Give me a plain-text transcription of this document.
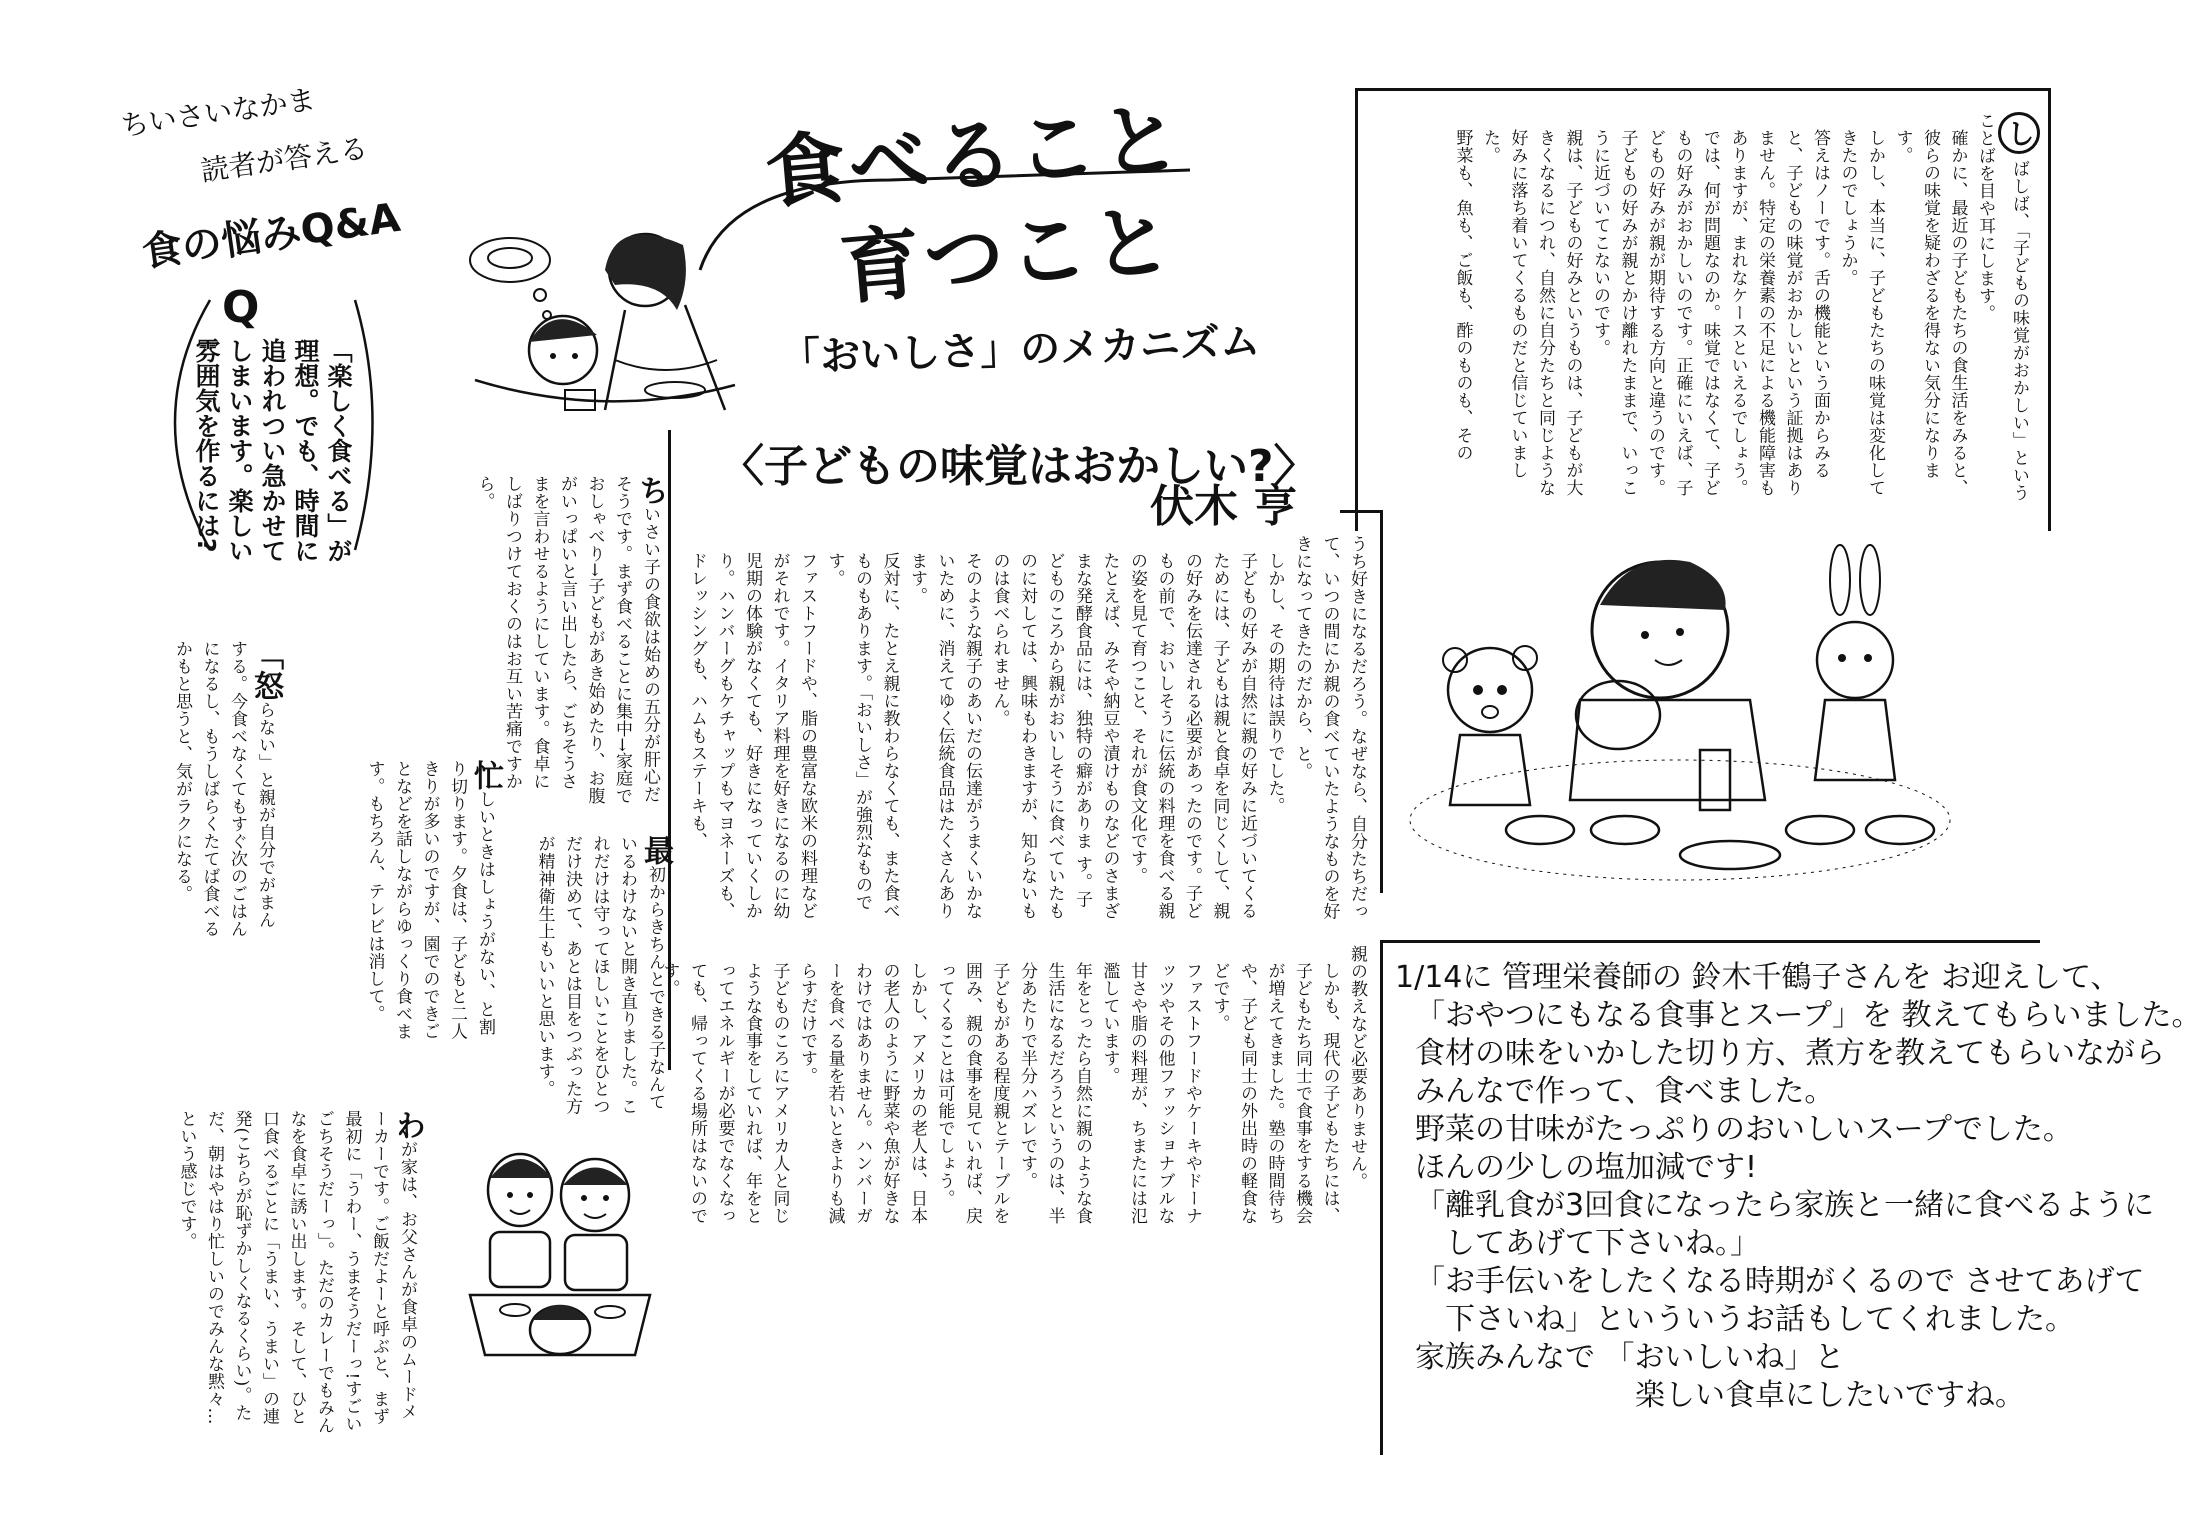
ちいさいなかま
読者が答える
食の悩みQ&A
Q
「楽しく食べる」が理想。でも、時間に追われつい急かせてしまいます。楽しい雰囲気を作るには?	ちいさい子の食欲は始めの五分が肝心だそうです。まず食べることに集中→家庭でおしゃべり→子どもがあき始めたり、お腹がいっぱいと言い出したら、ごちそうさまを言わせるようにしています。食卓にしばりつけておくのはお互い苦痛ですから。

最初からきちんとできる子なんているわけないと開き直りました。これだけは守ってほしいことをひとつだけ決めて、あとは目をつぶった方が精神衛生上もいいと思います。

忙しいときはしょうがない、と割り切ります。夕食は、子どもと二人きりが多いのですが、園でのできごとなどを話しながらゆっくり食べます。もちろん、テレビは消して。

「怒らない」と親が自分でがまんする。今食べなくてもすぐ次のごはんになるし、もうしばらくたてば食べるかもと思うと、気がラクになる。

わが家は、お父さんが食卓のムードメーカーです。ご飯だよーと呼ぶと、まず最初に「うわー、うまそうだーっ!すごいごちそうだーっ」。ただのカレーでもみんなを食卓に誘い出します。そして、ひと口食べるごとに「うまい、うまい」の連発(こちらが恥ずかしくなるくらい)。ただ、朝はやはり忙しいのでみんな黙々…という感じです。

食べること
育つこと
「おいしさ」のメカニズム

しばしば、「子どもの味覚がおかしい」ということばを目や耳にします。

確かに、最近の子どもたちの食生活をみると、彼らの味覚を疑わざるを得ない気分になります。

しかし、本当に、子どもたちの味覚は変化してきたのでしょうか。

答えはノーです。舌の機能という面からみると、子どもの味覚がおかしいという証拠はありません。特定の栄養素の不足による機能障害もありますが、まれなケースといえるでしょう。

では、何が問題なのか。味覚ではなくて、子どもの好みがおかしいのです。正確にいえば、子どもの好みが親が期待する方向と違うのです。子どもの好みが親とかけ離れたままで、いっこうに近づいてこないのです。

親は、子どもの好みというものは、子どもが大きくなるにつれ、自然に自分たちと同じような好みに落ち着いてくるものだと信じていました。

野菜も、魚も、ご飯も、酢のものも、その

〈子どもの味覚はおかしい?〉
伏木 亨

うち好きになるだろう。なぜなら、自分たちだって、いつの間にか親の食べていたようなものを好きになってきたのだから、と。

しかし、その期待は誤りでした。

子どもの好みが自然に親の好みに近づいてくるためには、子どもは親と食卓を同じくして、親の好みを伝達される必要があったのです。子どもの前で、おいしそうに伝統の料理を食べる親の姿を見て育つこと、それが食文化です。

たとえば、みそや納豆や漬けものなどのさまざまな発酵食品には、独特の癖がありま す。子どものころから親がおいしそうに食べていたものに対しては、興味もわきますが、知らないものは食べられません。

そのような親子のあいだの伝達がうまくいかないために、消えてゆく伝統食品はたくさんあります。

反対に、たとえ親に教わらなくても、また食べものもあります。「おいしさ」が強烈なものです。

ファストフードや、脂の豊富な欧米の料理などがそれです。イタリア料理を好きになるのに幼児期の体験がなくても、好きになっていくしかり。ハンバーグもケチャップもマヨネーズも、ドレッシングも、ハムもステーキも、

親の教えなど必要ありません。

しかも、現代の子どもたちには、子どもたち同士で食事をする機会が増えてきました。塾の時間待ちや、子ども同士の外出時の軽食などです。

ファストフードやケーキやドーナッツやその他ファッショナブルな甘さや脂の料理が、ちまたには氾濫しています。

年をとったら自然に親のような食生活になるだろうというのは、半分あたりで半分ハズレです。

子どもがある程度親とテーブルを囲み、親の食事を見ていれば、戻ってくることは可能でしょう。

しかし、アメリカの老人は、日本の老人のように野菜や魚が好きなわけではありません。ハンバーガーを食べる量を若いときよりも減らすだけです。

子どものころにアメリカ人と同じような食事をしていれば、年をとってエネルギーが必要でなくなっても、帰ってくる場所はないのです。	1/14に 管理栄養師の 鈴木千鶴子さんを お迎えして、
「おやつにもなる食事とスープ」を 教えてもらいました。
食材の味をいかした切り方、煮方を教えてもらいながら
みんなで作って、食べました。
野菜の甘味がたっぷりのおいしいスープでした。
ほんの少しの塩加減です!
「離乳食が3回食になったら家族と一緒に食べるように
してあげて下さいね。」
「お手伝いをしたくなる時期がくるので させてあげて
下さいね」といういうお話もしてくれました。
家族みんなで 「おいしいね」と
楽しい食卓にしたいですね。
